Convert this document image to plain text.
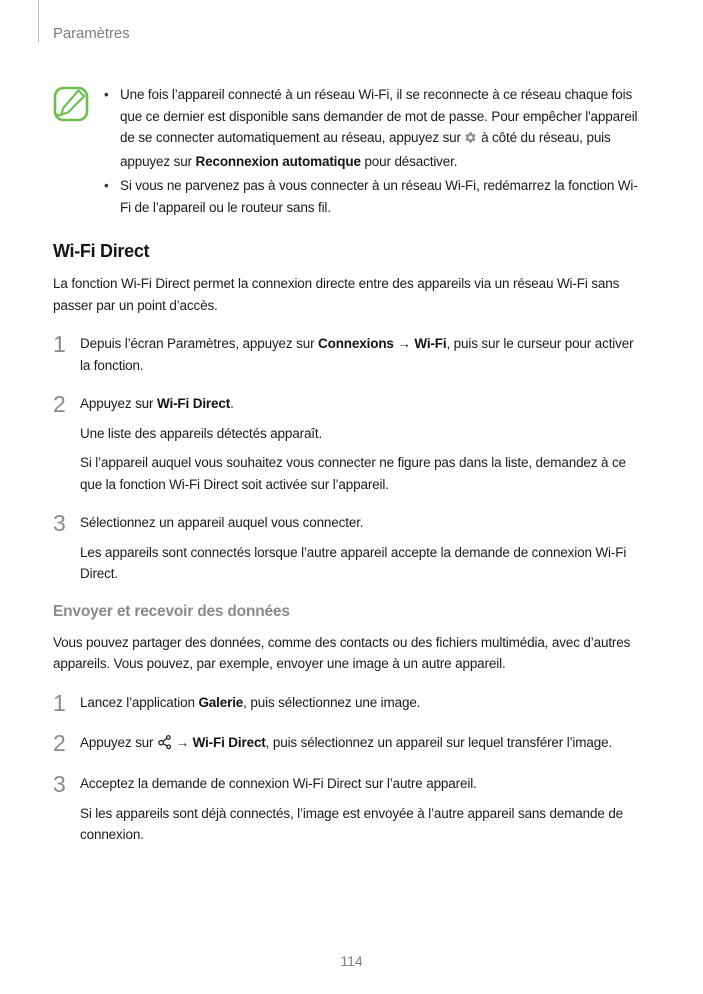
Paramètres
• Une fois l’appareil connecté à un réseau Wi-Fi, il se reconnecte à ce réseau chaque fois que ce dernier est disponible sans demander de mot de passe. Pour empêcher l'appareil de se connecter automatiquement au réseau, appuyez sur  à côté du réseau, puis appuyez sur Reconnexion automatique pour désactiver.
• Si vous ne parvenez pas à vous connecter à un réseau Wi-Fi, redémarrez la fonction Wi-Fi de l’appareil ou le routeur sans fil.
Wi-Fi Direct

La fonction Wi-Fi Direct permet la connexion directe entre des appareils via un réseau Wi-Fi sans passer par un point d’accès.

1	Depuis l’écran Paramètres, appuyez sur Connexions → Wi-Fi, puis sur le curseur pour activer la fonction.
2	Appuyez sur Wi-Fi Direct.
Une liste des appareils détectés apparaît.
Si l’appareil auquel vous souhaitez vous connecter ne figure pas dans la liste, demandez à ce que la fonction Wi-Fi Direct soit activée sur l’appareil.
3	Sélectionnez un appareil auquel vous connecter.
Les appareils sont connectés lorsque l’autre appareil accepte la demande de connexion Wi-Fi Direct.
Envoyer et recevoir des données

Vous pouvez partager des données, comme des contacts ou des fichiers multimédia, avec d’autres appareils. Vous pouvez, par exemple, envoyer une image à un autre appareil.

1	Lancez l’application Galerie, puis sélectionnez une image.
2	Appuyez sur  → Wi-Fi Direct, puis sélectionnez un appareil sur lequel transférer l’image.
3	Acceptez la demande de connexion Wi-Fi Direct sur l’autre appareil.
Si les appareils sont déjà connectés, l’image est envoyée à l’autre appareil sans demande de connexion.
114
